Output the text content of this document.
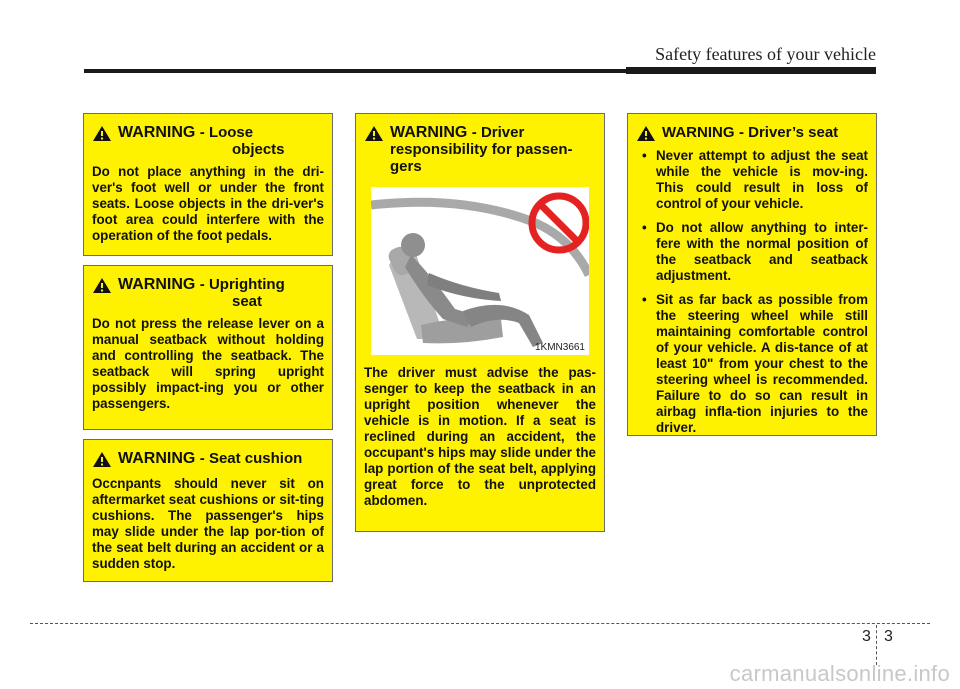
Safety features of your vehicle
WARNING - Loose
objects
Do not place anything in the dri-ver's foot well or under the front seats. Loose objects in the dri-ver's foot area could interfere with the operation of the foot pedals.
WARNING - Uprighting
seat
Do not press the release lever on a manual seatback without holding and controlling the seatback. The seatback will spring upright possibly impact-ing you or other passengers.
WARNING - Seat cushion
Occnpants should never sit on aftermarket seat cushions or sit-ting cushions. The passenger's hips may slide under the lap por-tion of the seat belt during an accident or a sudden stop.
WARNING - Driver
responsibility for passen-
gers
1KMN3661
The driver must advise the pas-senger to keep the seatback in an upright position whenever the vehicle is in motion. If a seat is reclined during an accident, the occupant's hips may slide under the lap portion of the seat belt, applying great force to the unprotected abdomen.
WARNING - Driver’s seat
• Never attempt to adjust the seat while the vehicle is mov-ing. This could result in loss of control of your vehicle.
• Do not allow anything to inter-fere with the normal position of the seatback and seatback adjustment.
• Sit as far back as possible from the steering wheel while still maintaining comfortable control of your vehicle. A dis-tance of at least 10" from your chest to the steering wheel is recommended. Failure to do so can result in airbag infla-tion injuries to the driver.
3 3
carmanualsonline.info
